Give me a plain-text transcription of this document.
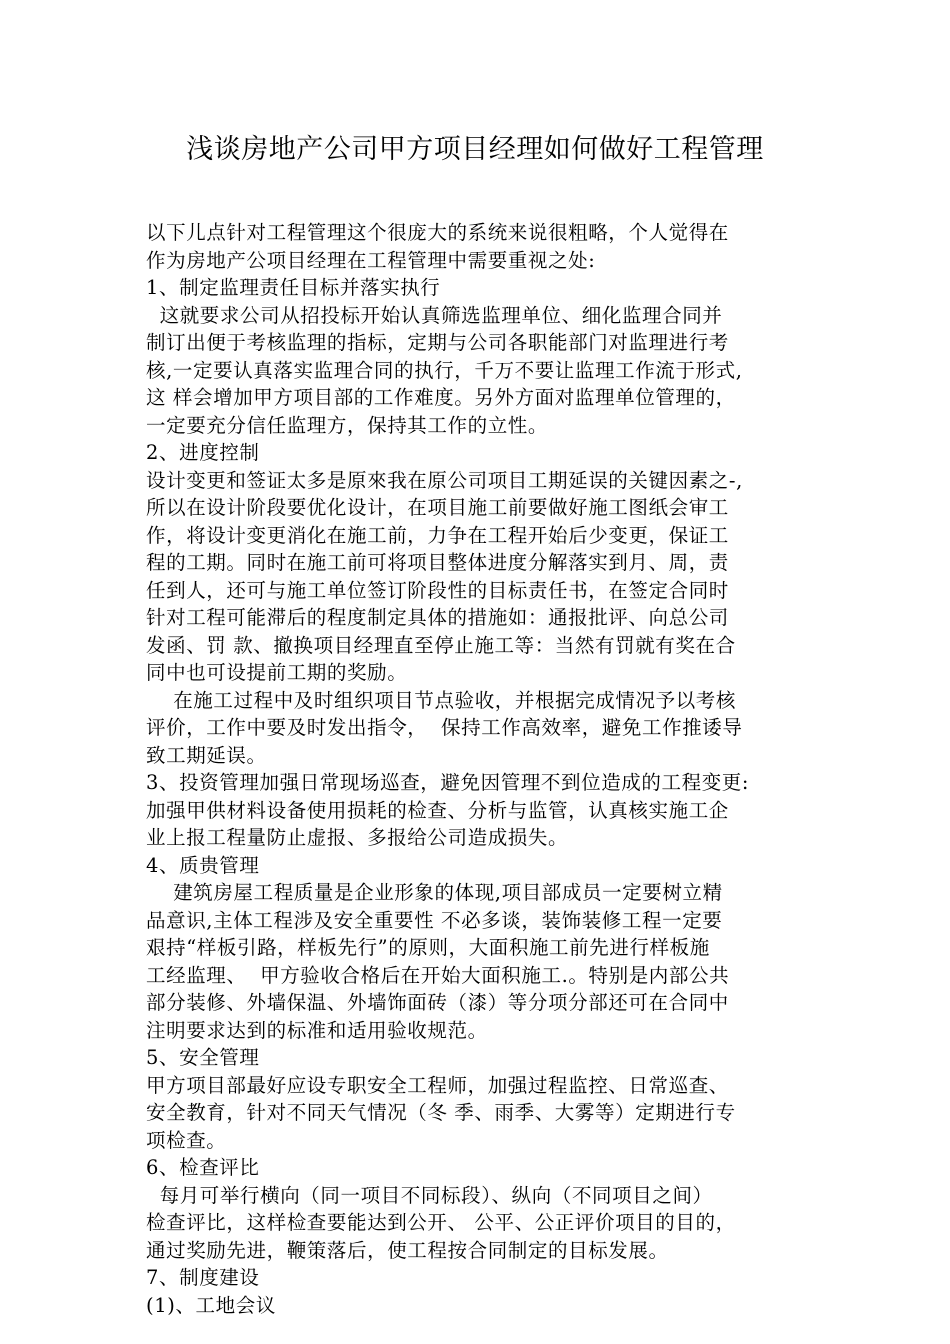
浅谈房地产公司甲方项目经理如何做好工程管理
以下儿点针对工程管理这个很庞大的系统来说很粗略，个人觉得在
作为房地产公项目经理在工程管理中需要重视之处:
1、制定监理责任目标并落实执行
这就要求公司从招投标开始认真筛选监理单位、细化监理合同并
制订出便于考核监理的指标，定期与公司各职能部门对监理进行考
核,一定要认真落实监理合同的执行，千万不要让监理工作流于形式,
这 样会增加甲方项目部的工作难度。另外方面对监理单位管理的，
一定要充分信任监理方，保持其工作的立性。
2、进度控制
设计变更和签证太多是原來我在原公司项目工期延误的关键因素之-,
所以在设计阶段要优化设计，在项目施工前要做好施工图纸会审工
作，将设计变更消化在施工前，力争在工程开始后少变更，保证工
程的工期。同时在施工前可将项目整体进度分解落实到月、周，责
任到人，还可与施工单位签订阶段性的目标责任书，在签定合同时
针对工程可能滞后的程度制定具体的措施如：通报批评、向总公司
发函、罚 款、撤换项目经理直至停止施工等：当然有罚就有奖在合
同中也可设提前工期的奖励。
在施工过程中及时组织项目节点验收，并根据完成情况予以考核
评价，工作中要及时发出指令，  保持工作高效率，避免工作推诿导
致工期延误。
3、投资管理加强日常现场巡查，避免因管理不到位造成的工程变更:
加强甲供材料设备使用损耗的检查、分析与监管，认真核实施工企
业上报工程量防止虚报、多报给公司造成损失。
4、质贵管理
建筑房屋工程质量是企业形象的体现,项目部成员一定要树立精
品意识,主体工程涉及安全重要性 不必多谈，装饰装修工程一定要
艰持“样板引路，样板先行”的原则，大面积施工前先进行样板施
工经监理、  甲方验收合格后在开始大面积施工.。特别是内部公共
部分装修、外墙保温、外墙饰面砖（漆）等分项分部还可在合同中
注明要求达到的标准和适用验收规范。
5、安全管理
甲方项目部最好应设专职安全工程师，加强过程监控、日常巡查、
安全教育，针对不同天气情况（冬 季、雨季、大雾等）定期进行专
项检查。
6、检查评比
每月可举行横向（同一项目不同标段）、纵向（不同项目之间）
检查评比，这样检查要能达到公开、 公平、公正评价项目的目的，
通过奖励先进，鞭策落后，使工程按合同制定的目标发展。
7、制度建设
(1)、工地会议
